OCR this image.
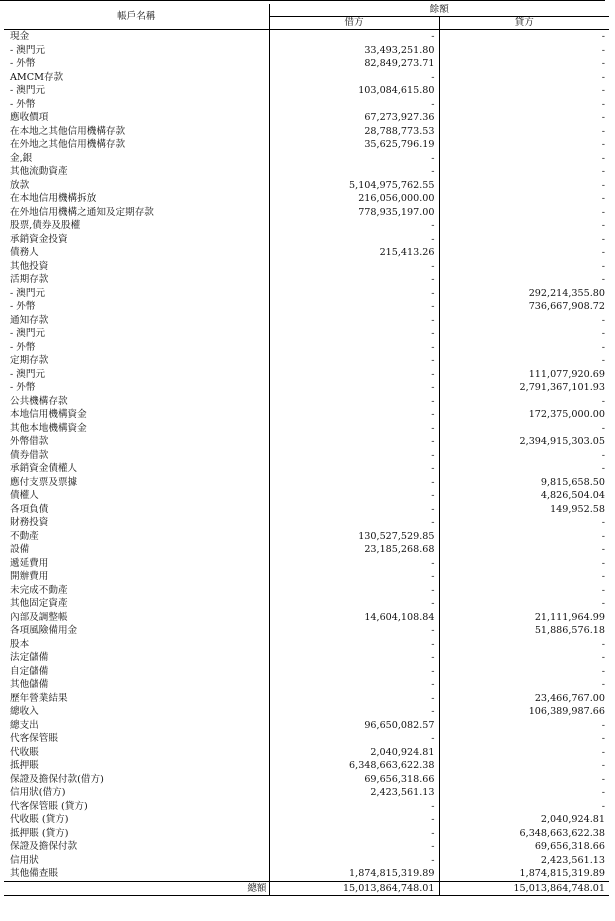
帳戶名稱	餘額	
	借方	貸方
現金	-	-
- 澳門元	33,493,251.80	-
- 外幣	82,849,273.71	-
AMCM存款	-	-
- 澳門元	103,084,615.80	-
- 外幣	-	-
應收價項	67,273,927.36	-
在本地之其他信用機構存款	28,788,773.53	-
在外地之其他信用機構存款	35,625,796.19	-
金,銀	-	-
其他流動資產	-	-
放款	5,104,975,762.55	-
在本地信用機構拆放	216,056,000.00	-
在外地信用機構之通知及定期存款	778,935,197.00	-
股票,債券及股權	-	-
承銷資金投資	-	-
債務人	215,413.26	-
其他投資	-	-
活期存款	-	-
- 澳門元	-	292,214,355.80
- 外幣	-	736,667,908.72
通知存款	-	-
- 澳門元	-	-
- 外幣	-	-
定期存款	-	-
- 澳門元	-	111,077,920.69
- 外幣	-	2,791,367,101.93
公共機構存款	-	-
本地信用機構資金	-	172,375,000.00
其他本地機構資金	-	-
外幣借款	-	2,394,915,303.05
債券借款	-	-
承銷資金債權人	-	-
應付支票及票據	-	9,815,658.50
債權人	-	4,826,504.04
各項負債	-	149,952.58
財務投資	-	-
不動產	130,527,529.85	-
設備	23,185,268.68	-
遞延費用	-	-
開辦費用	-	-
未完成不動產	-	-
其他固定資產	-	-
內部及調整帳	14,604,108.84	21,111,964.99
各項風險備用金	-	51,886,576.18
股本	-	-
法定儲備	-	-
自定儲備	-	-
其他儲備	-	-
歷年營業結果	-	23,466,767.00
總收入	-	106,389,987.66
總支出	96,650,082.57	-
代客保管賬	-	-
代收賬	2,040,924.81	-
抵押賬	6,348,663,622.38	-
保證及擔保付款(借方)	69,656,318.66	-
信用狀(借方)	2,423,561.13	-
代客保管賬 (貸方)	-	-
代收賬 (貸方)	-	2,040,924.81
抵押賬 (貸方)	-	6,348,663,622.38
保證及擔保付款	-	69,656,318.66
信用狀	-	2,423,561.13
其他備查賬	1,874,815,319.89	1,874,815,319.89
總額	15,013,864,748.01	15,013,864,748.01
